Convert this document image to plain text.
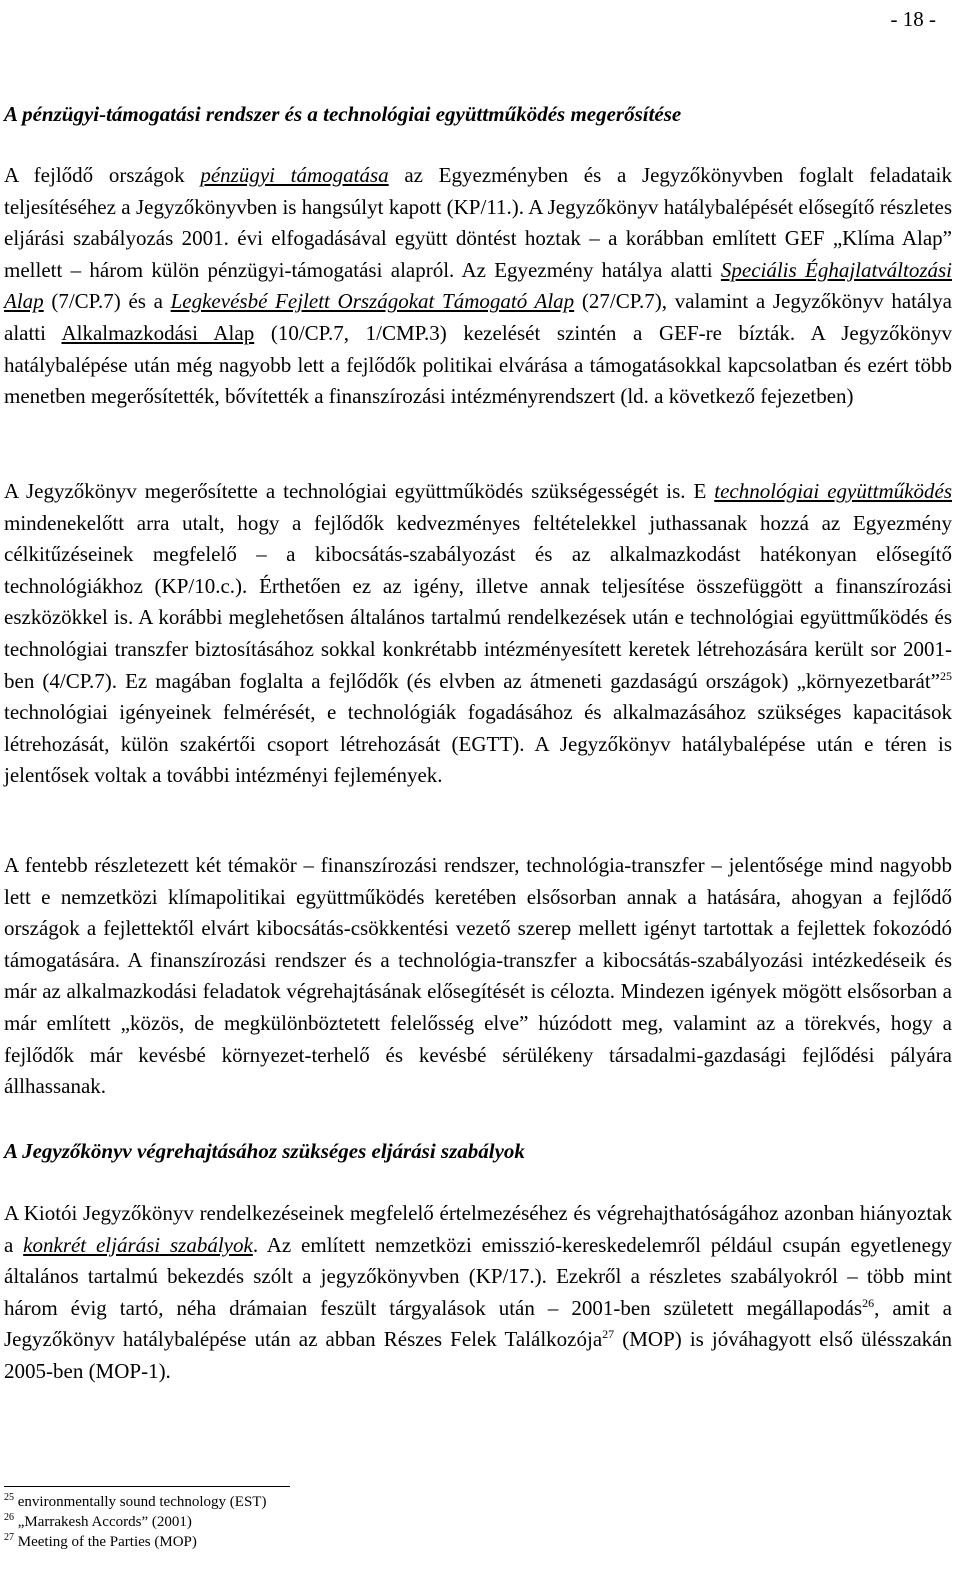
- 18 -
A pénzügyi-támogatási rendszer és a technológiai együttműködés megerősítése

A fejlődő országok pénzügyi támogatása az Egyezményben és a Jegyzőkönyvben foglalt feladataik teljesítéséhez a Jegyzőkönyvben is hangsúlyt kapott (KP/11.). A Jegyzőkönyv hatálybalépését elősegítő részletes eljárási szabályozás 2001. évi elfogadásával együtt döntést hoztak – a korábban említett GEF „Klíma Alap” mellett – három külön pénzügyi-támogatási alapról. Az Egyezmény hatálya alatti Speciális Éghajlatváltozási Alap (7/CP.7) és a Legkevésbé Fejlett Országokat Támogató Alap (27/CP.7), valamint a Jegyzőkönyv hatálya alatti Alkalmazkodási Alap (10/CP.7, 1/CMP.3) kezelését szintén a GEF-re bízták. A Jegyzőkönyv hatálybalépése után még nagyobb lett a fejlődők politikai elvárása a támogatásokkal kapcsolatban és ezért több menetben megerősítették, bővítették a finanszírozási intézményrendszert (ld. a következő fejezetben)

A Jegyzőkönyv megerősítette a technológiai együttműködés szükségességét is. E technológiai együttműködés mindenekelőtt arra utalt, hogy a fejlődők kedvezményes feltételekkel juthassanak hozzá az Egyezmény célkitűzéseinek megfelelő – a kibocsátás-szabályozást és az alkalmazkodást hatékonyan elősegítő technológiákhoz (KP/10.c.). Érthetően ez az igény, illetve annak teljesítése összefüggött a finanszírozási eszközökkel is. A korábbi meglehetősen általános tartalmú rendelkezések után e technológiai együttműködés és technológiai transzfer biztosításához sokkal konkrétabb intézményesített keretek létrehozására került sor 2001-ben (4/CP.7). Ez magában foglalta a fejlődők (és elvben az átmeneti gazdaságú országok) „környezetbarát”$^{25}$ technológiai igényeinek felmérését, e technológiák fogadásához és alkalmazásához szükséges kapacitások létrehozását, külön szakértői csoport létrehozását (EGTT). A Jegyzőkönyv hatálybalépése után e téren is jelentősek voltak a további intézményi fejlemények.

A fentebb részletezett két témakör – finanszírozási rendszer, technológia-transzfer – jelentősége mind nagyobb lett e nemzetközi klímapolitikai együttműködés keretében elsősorban annak a hatására, ahogyan a fejlődő országok a fejlettektől elvárt kibocsátás-csökkentési vezető szerep mellett igényt tartottak a fejlettek fokozódó támogatására. A finanszírozási rendszer és a technológia-transzfer a kibocsátás-szabályozási intézkedéseik és már az alkalmazkodási feladatok végrehajtásának elősegítését is célozta. Mindezen igények mögött elsősorban a már említett „közös, de megkülönböztetett felelősség elve” húzódott meg, valamint az a törekvés, hogy a fejlődők már kevésbé környezet-terhelő és kevésbé sérülékeny társadalmi-gazdasági fejlődési pályára állhassanak.

A Jegyzőkönyv végrehajtásához szükséges eljárási szabályok

A Kiotói Jegyzőkönyv rendelkezéseinek megfelelő értelmezéséhez és végrehajthatóságához azonban hiányoztak a konkrét eljárási szabályok. Az említett nemzetközi emisszió-kereskedelemről például csupán egyetlenegy általános tartalmú bekezdés szólt a jegyzőkönyvben (KP/17.). Ezekről a részletes szabályokról – több mint három évig tartó, néha drámaian feszült tárgyalások után – 2001-ben született megállapodás$^{26}$, amit a Jegyzőkönyv hatálybalépése után az abban Részes Felek Találkozója$^{27}$ (MOP) is jóváhagyott első ülésszakán 2005-ben (MOP-1).

$^{25}$ environmentally sound technology (EST)
$^{26}$ „Marrakesh Accords” (2001)
$^{27}$ Meeting of the Parties (MOP)
